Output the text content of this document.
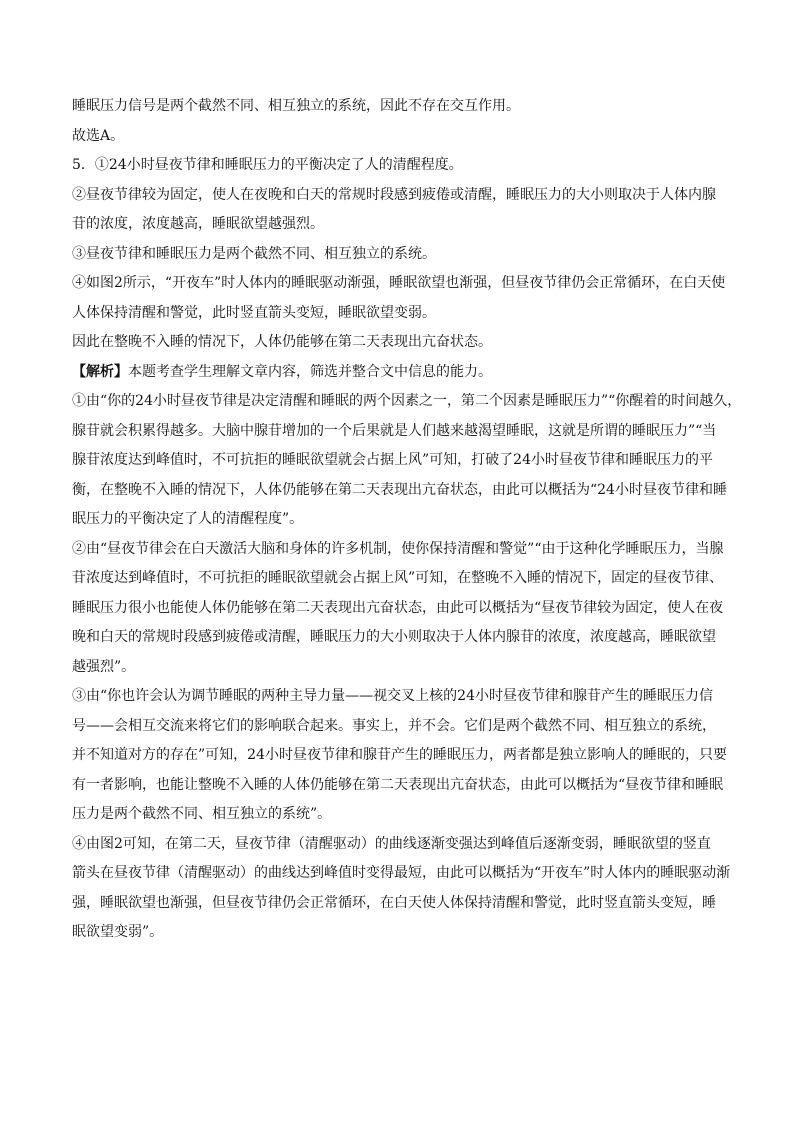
睡眠压力信号是两个截然不同、相互独立的系统，因此不存在交互作用。

故选A。

5．①24小时昼夜节律和睡眠压力的平衡决定了人的清醒程度。

②昼夜节律较为固定，使人在夜晚和白天的常规时段感到疲倦或清醒，睡眠压力的大小则取决于人体内腺

苷的浓度，浓度越高，睡眠欲望越强烈。

③昼夜节律和睡眠压力是两个截然不同、相互独立的系统。

④如图2所示，“开夜车”时人体内的睡眠驱动渐强，睡眠欲望也渐强，但昼夜节律仍会正常循环，在白天使

人体保持清醒和警觉，此时竖直箭头变短，睡眠欲望变弱。

因此在整晚不入睡的情况下，人体仍能够在第二天表现出亢奋状态。

【解析】本题考查学生理解文章内容，筛选并整合文中信息的能力。

①由“你的24小时昼夜节律是决定清醒和睡眠的两个因素之一，第二个因素是睡眠压力”“你醒着的时间越久，

腺苷就会积累得越多。大脑中腺苷增加的一个后果就是人们越来越渴望睡眠，这就是所谓的睡眠压力”“当

腺苷浓度达到峰值时，不可抗拒的睡眠欲望就会占据上风”可知，打破了24小时昼夜节律和睡眠压力的平

衡，在整晚不入睡的情况下，人体仍能够在第二天表现出亢奋状态，由此可以概括为“24小时昼夜节律和睡

眠压力的平衡决定了人的清醒程度”。

②由“昼夜节律会在白天激活大脑和身体的许多机制，使你保持清醒和警觉”“由于这种化学睡眠压力，当腺

苷浓度达到峰值时，不可抗拒的睡眠欲望就会占据上风”可知，在整晚不入睡的情况下，固定的昼夜节律、

睡眠压力很小也能使人体仍能够在第二天表现出亢奋状态，由此可以概括为“昼夜节律较为固定，使人在夜

晚和白天的常规时段感到疲倦或清醒，睡眠压力的大小则取决于人体内腺苷的浓度，浓度越高，睡眠欲望

越强烈”。

③由“你也许会认为调节睡眠的两种主导力量——视交叉上核的24小时昼夜节律和腺苷产生的睡眠压力信

号——会相互交流来将它们的影响联合起来。事实上，并不会。它们是两个截然不同、相互独立的系统，

并不知道对方的存在”可知，24小时昼夜节律和腺苷产生的睡眠压力，两者都是独立影响人的睡眠的，只要

有一者影响，也能让整晚不入睡的人体仍能够在第二天表现出亢奋状态，由此可以概括为“昼夜节律和睡眠

压力是两个截然不同、相互独立的系统”。

④由图2可知，在第二天，昼夜节律（清醒驱动）的曲线逐渐变强达到峰值后逐渐变弱，睡眠欲望的竖直

箭头在昼夜节律（清醒驱动）的曲线达到峰值时变得最短，由此可以概括为“开夜车”时人体内的睡眠驱动渐

强，睡眠欲望也渐强，但昼夜节律仍会正常循环，在白天使人体保持清醒和警觉，此时竖直箭头变短，睡

眠欲望变弱”。
